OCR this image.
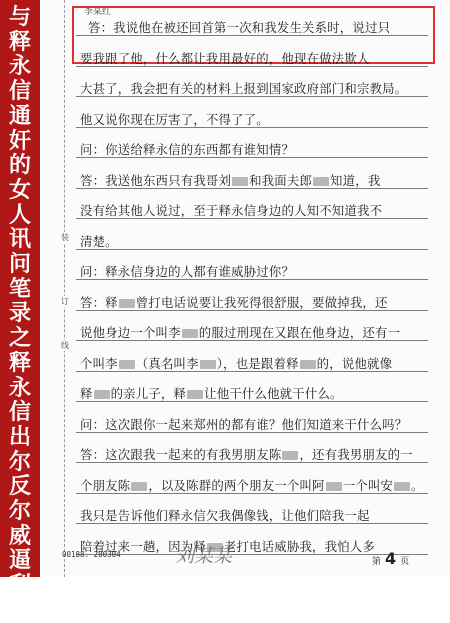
与
释
永
信
通
奸
的
女
人
讯
问
笔
录
之
释
永
信
出
尔
反
尔
威
逼
利
诱
装
订
线
李某红
答：我说他在被还回首第一次和我发生关系时，说过只
要我跟了他，什么都让我用最好的，他现在做法欺人
大甚了，我会把有关的材料上报到国家政府部门和宗教局。
他又说你现在厉害了，不得了了。
问：你送给释永信的东西都有谁知情？
答：我送他东西只有我哥刘 和我面夫郎 知道，我
没有给其他人说过，至于释永信身边的人知不知道我不
清楚。
问：释永信身边的人都有谁威胁过你？
答：释 曾打电话说要让我死得很舒服，要做掉我，还
说他身边一个叫李 的服过刑现在又跟在他身边，还有一
个叫李 （真名叫李 ），也是跟着释 的，说他就像
释 的亲儿子，释 让他干什么他就干什么。
问：这次跟你一起来郑州的都有谁？他们知道来干什么吗？
答：这次跟我一起来的有我男朋友陈 ，还有我男朋友的一
个朋友陈 ，以及陈群的两个朋友一个叫阿 一个叫安 。
我只是告诉他们释永信欠我偶像钱，让他们陪我一起
陪着过来一趟，因为释 老打电话威胁我，我怕人多
00188. 200304	刘某某	第 4 页
